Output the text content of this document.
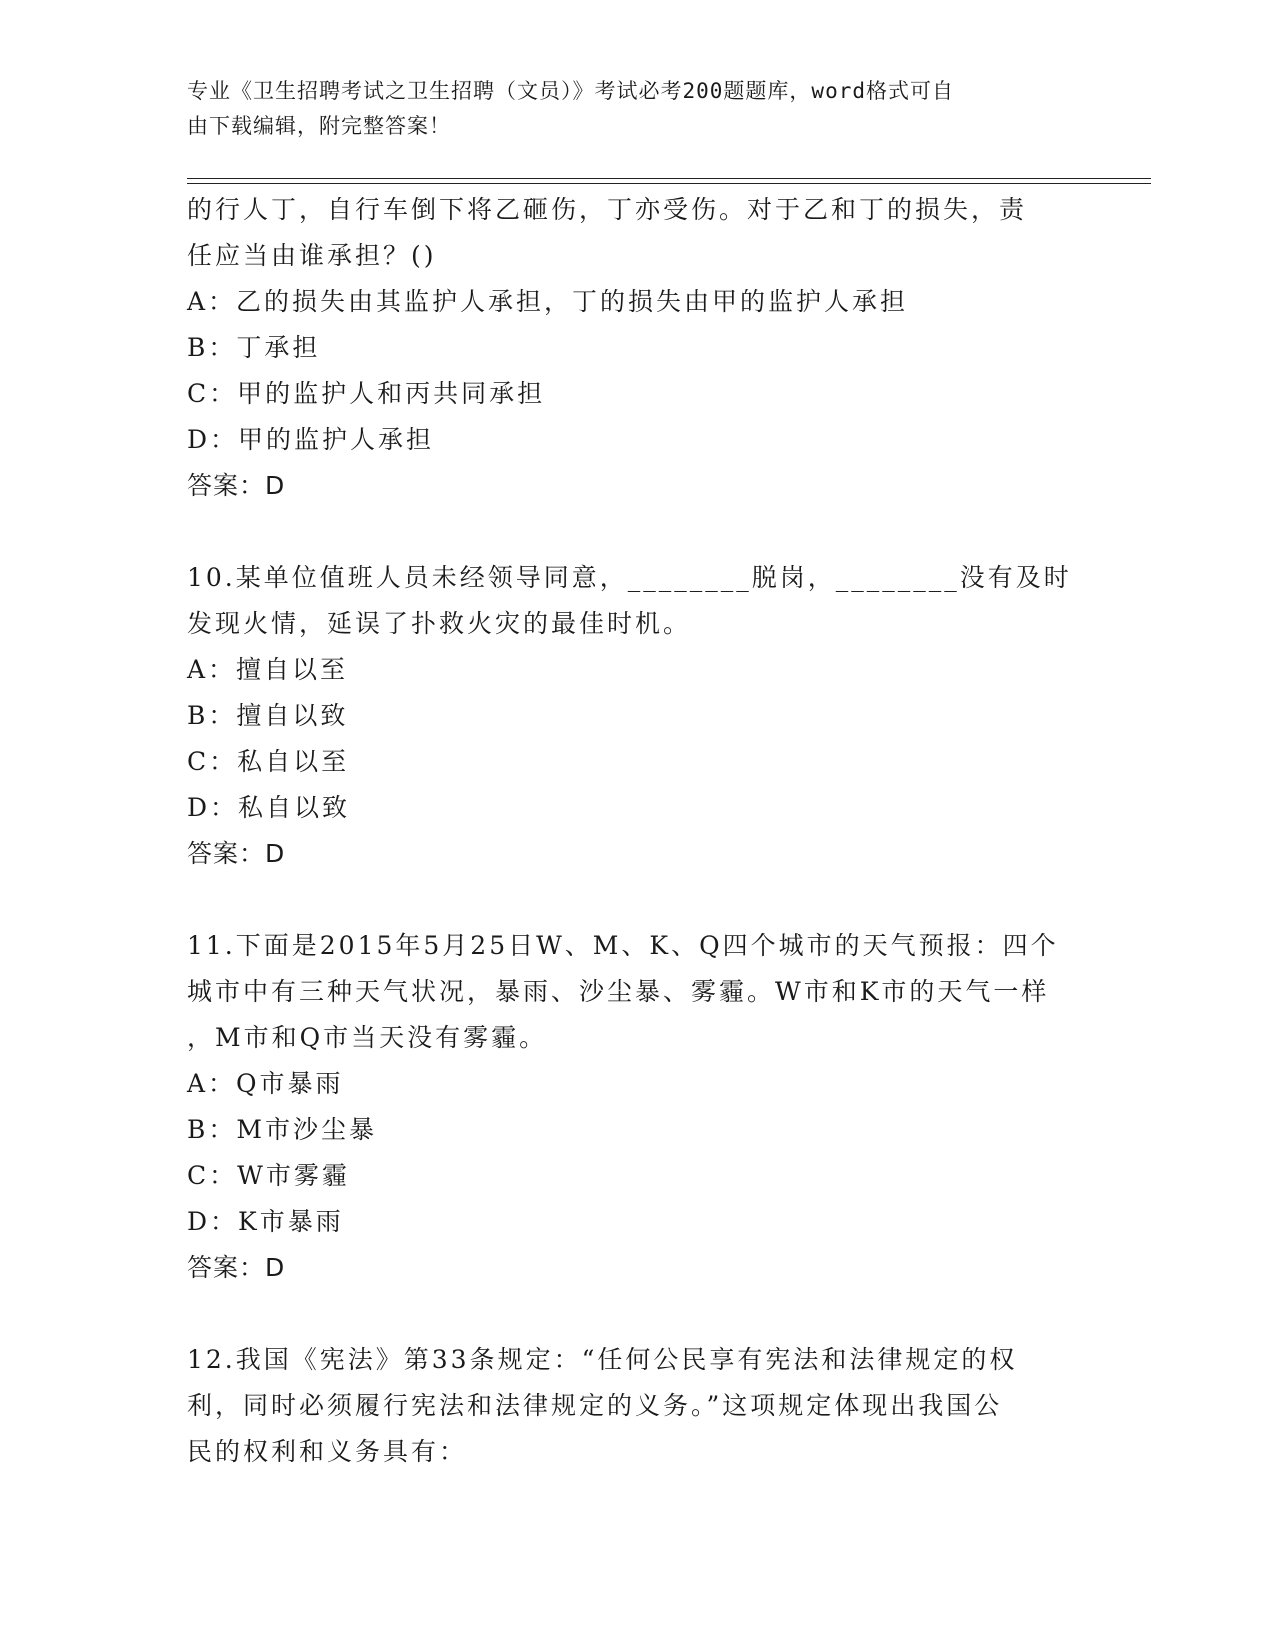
专业《卫生招聘考试之卫生招聘（文员）》考试必考200题题库，word格式可自
由下载编辑，附完整答案！
的行人丁，自行车倒下将乙砸伤，丁亦受伤。对于乙和丁的损失，责
任应当由谁承担？()
A：乙的损失由其监护人承担，丁的损失由甲的监护人承担
B：丁承担
C：甲的监护人和丙共同承担
D：甲的监护人承担
答案：D
10.某单位值班人员未经领导同意，________脱岗，________没有及时
发现火情，延误了扑救火灾的最佳时机。
A：擅自以至
B：擅自以致
C：私自以至
D：私自以致
答案：D
11.下面是2015年5月25日W、M、K、Q四个城市的天气预报：四个
城市中有三种天气状况，暴雨、沙尘暴、雾霾。W市和K市的天气一样
，M市和Q市当天没有雾霾。
A：Q市暴雨
B：M市沙尘暴
C：W市雾霾
D：K市暴雨
答案：D
12.我国《宪法》第33条规定：“任何公民享有宪法和法律规定的权
利，同时必须履行宪法和法律规定的义务。”这项规定体现出我国公
民的权利和义务具有：
